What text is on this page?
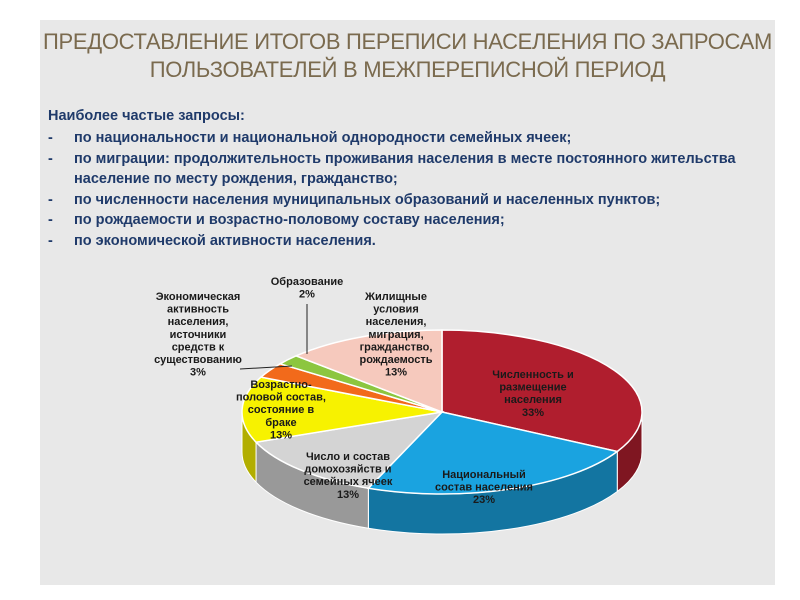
ПРЕДОСТАВЛЕНИЕ ИТОГОВ ПЕРЕПИСИ НАСЕЛЕНИЯ ПО ЗАПРОСАМ
ПОЛЬЗОВАТЕЛЕЙ В МЕЖПЕРЕПИСНОЙ ПЕРИОД
Наиболее частые запросы:
- по национальности и национальной однородности семейных ячеек;
- по миграции: продолжительность проживания населения в месте постоянного жительства
население по месту рождения, гражданство;
- по численности населения муниципальных образований и населенных пунктов;
- по рождаемости и возрастно-половому составу населения;
- по экономической активности населения.
Численность и размещение населения 33%
Национальный состав населения 23%
Число и состав домохозяйств и семейных ячеек 13%
Возрастно-половой состав, состояние в браке 13%
Экономическая активность населения, источники средств к существованию 3%
Образование 2%	Жилищные условия населения, миграция, гражданство, рождаемость 13%
